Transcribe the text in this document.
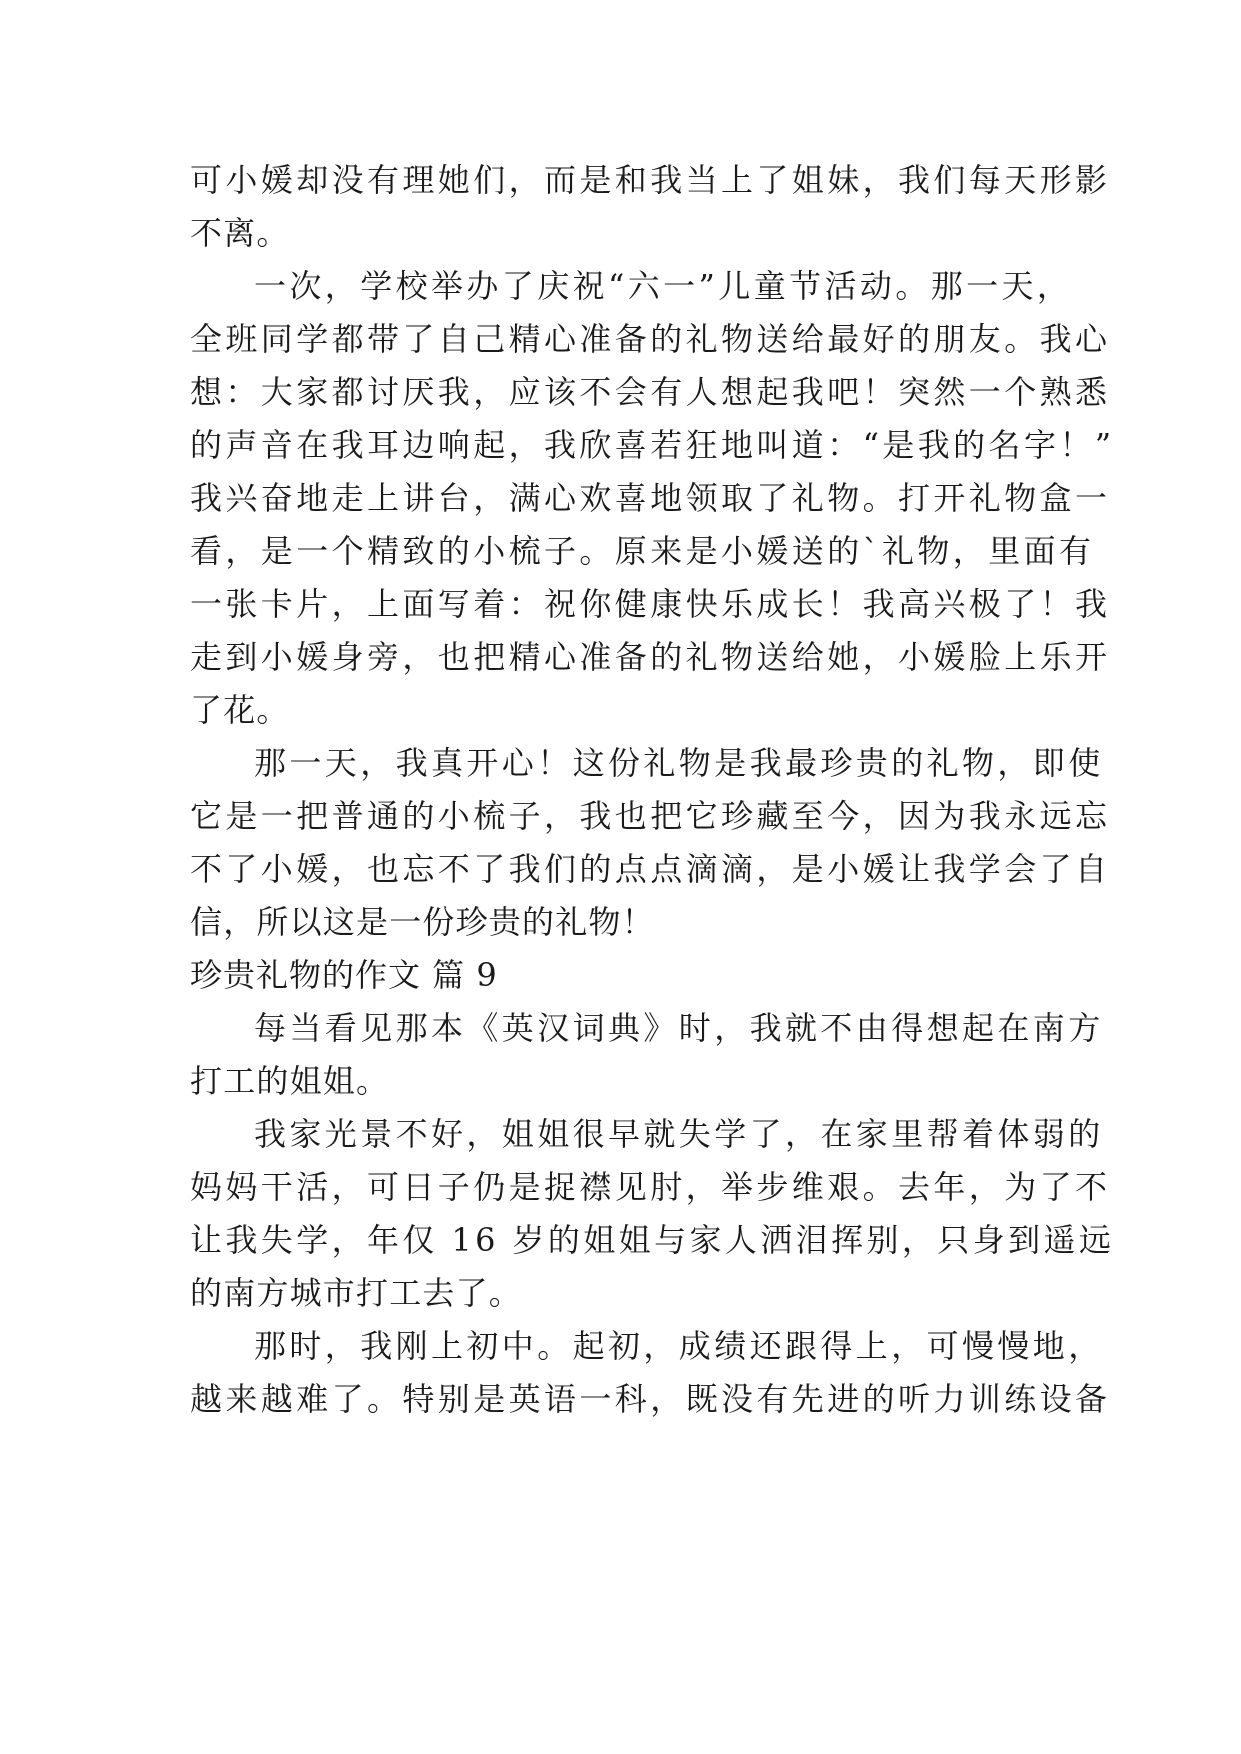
可小媛却没有理她们，而是和我当上了姐妹，我们每天形影
不离。
一次，学校举办了庆祝“六一”儿童节活动。那一天，
全班同学都带了自己精心准备的礼物送给最好的朋友。我心
想：大家都讨厌我，应该不会有人想起我吧！突然一个熟悉
的声音在我耳边响起，我欣喜若狂地叫道：“是我的名字！”
我兴奋地走上讲台，满心欢喜地领取了礼物。打开礼物盒一
看，是一个精致的小梳子。原来是小媛送的`礼物，里面有
一张卡片，上面写着：祝你健康快乐成长！我高兴极了！我
走到小媛身旁，也把精心准备的礼物送给她，小媛脸上乐开
了花。
那一天，我真开心！这份礼物是我最珍贵的礼物，即使
它是一把普通的小梳子，我也把它珍藏至今，因为我永远忘
不了小媛，也忘不了我们的点点滴滴，是小媛让我学会了自
信，所以这是一份珍贵的礼物！
珍贵礼物的作文 篇 9
每当看见那本《英汉词典》时，我就不由得想起在南方
打工的姐姐。
我家光景不好，姐姐很早就失学了，在家里帮着体弱的
妈妈干活，可日子仍是捉襟见肘，举步维艰。去年，为了不
让我失学，年仅 16 岁的姐姐与家人洒泪挥别，只身到遥远
的南方城市打工去了。
那时，我刚上初中。起初，成绩还跟得上，可慢慢地，
越来越难了。特别是英语一科，既没有先进的听力训练设备
